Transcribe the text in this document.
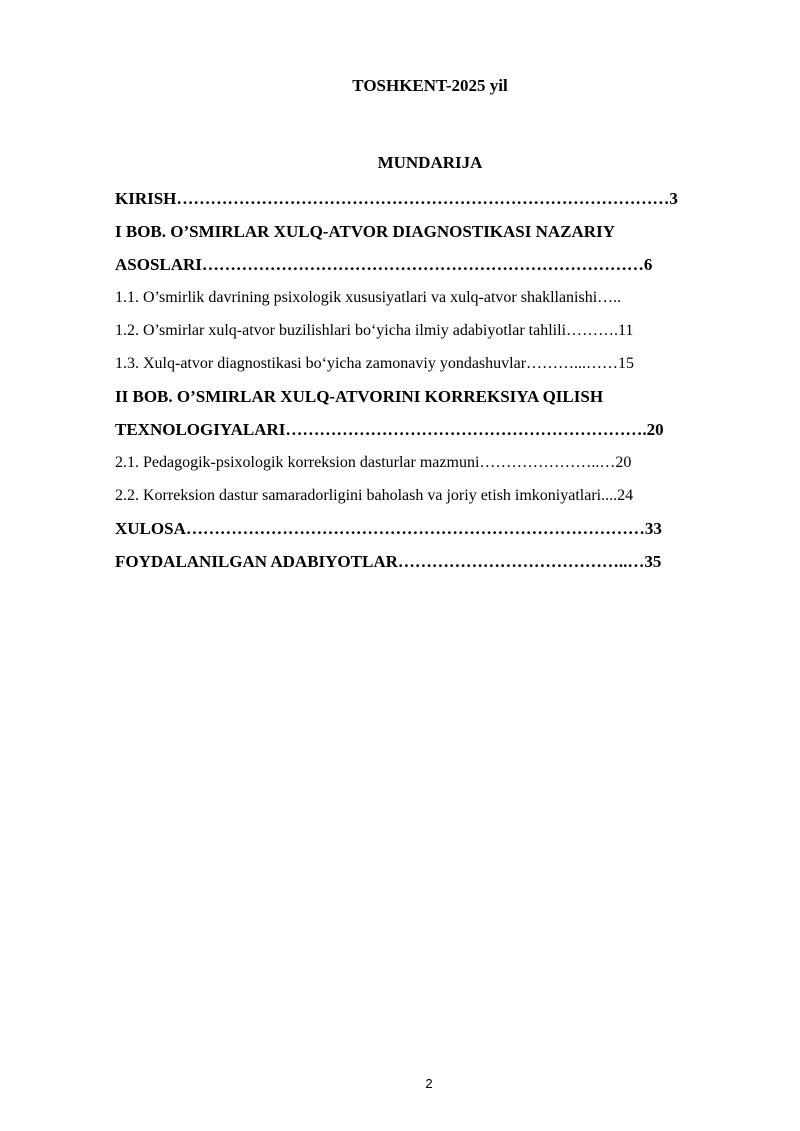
TOSHKENT-2025 yil
MUNDARIJA
KIRISH……………………………………………………………………………3
I BOB. O’SMIRLAR XULQ-ATVOR DIAGNOSTIKASI NAZARIY
ASOSLARI……………………………………………………………………6
1.1. O’smirlik davrining psixologik xususiyatlari va xulq-atvor shakllanishi…..
1.2. O’smirlar xulq-atvor buzilishlari bo‘yicha ilmiy adabiyotlar tahlili……….11
1.3. Xulq-atvor diagnostikasi bo‘yicha zamonaviy yondashuvlar………...……15
II BOB. O’SMIRLAR XULQ-ATVORINI KORREKSIYA QILISH
TEXNOLOGIYALARI……………………………………………………….20
2.1. Pedagogik-psixologik korreksion dasturlar mazmuni…………………..…20
2.2. Korreksion dastur samaradorligini baholash va joriy etish imkoniyatlari....24
XULOSA………………………………………………………………………33
FOYDALANILGAN ADABIYOTLAR…………………………………..…35
2
